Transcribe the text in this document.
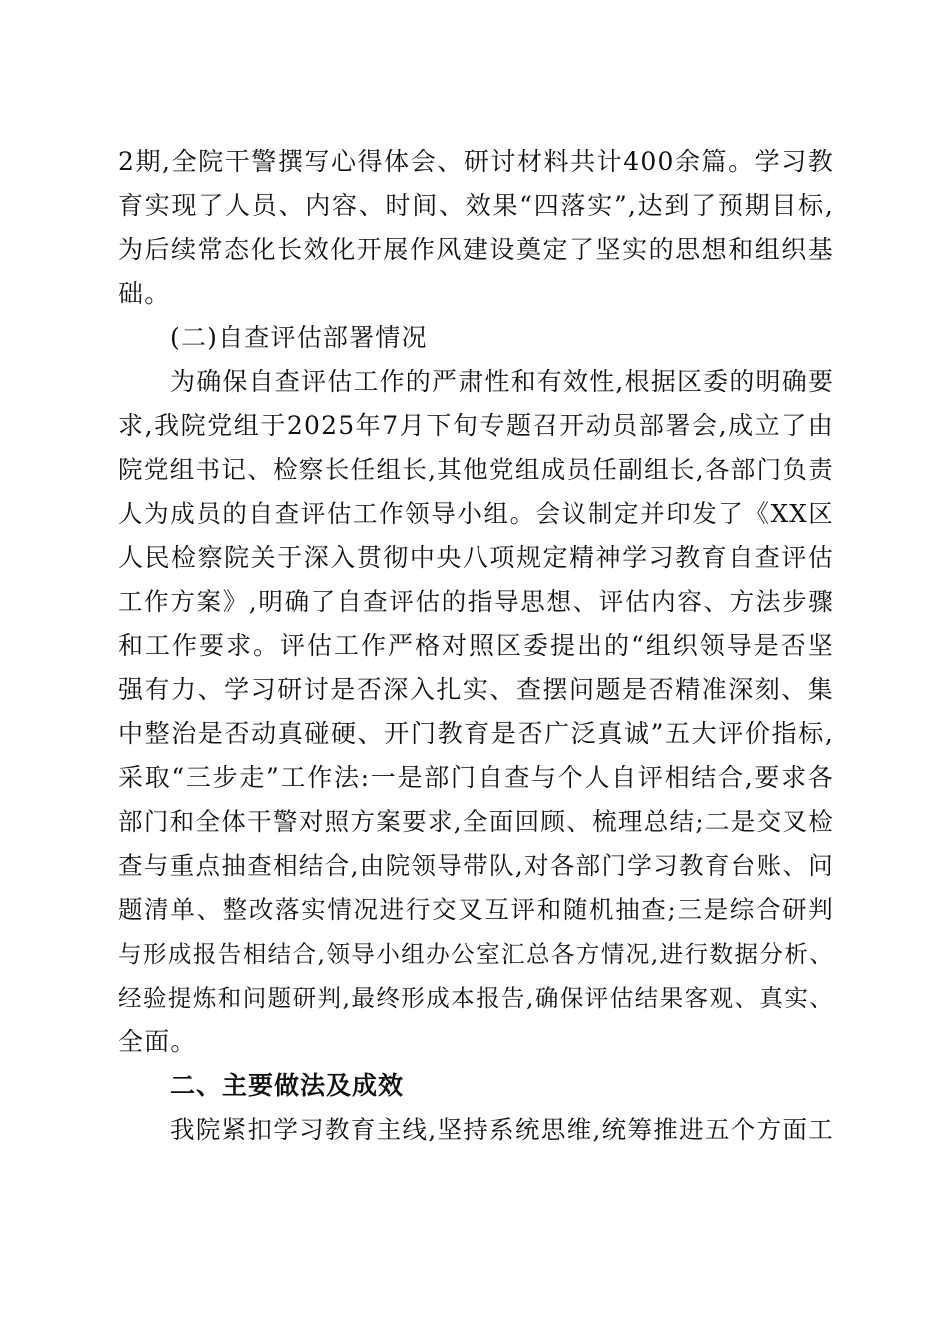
2期,全院干警撰写心得体会、研讨材料共计400余篇。学习教
育实现了人员、内容、时间、效果“四落实”,达到了预期目标,
为后续常态化长效化开展作风建设奠定了坚实的思想和组织基
础。
(二)自查评估部署情况
为确保自查评估工作的严肃性和有效性,根据区委的明确要
求,我院党组于2025年7月下旬专题召开动员部署会,成立了由
院党组书记、检察长任组长,其他党组成员任副组长,各部门负责
人为成员的自查评估工作领导小组。会议制定并印发了《XX区
人民检察院关于深入贯彻中央八项规定精神学习教育自查评估
工作方案》,明确了自查评估的指导思想、评估内容、方法步骤
和工作要求。评估工作严格对照区委提出的“组织领导是否坚
强有力、学习研讨是否深入扎实、查摆问题是否精准深刻、集
中整治是否动真碰硬、开门教育是否广泛真诚”五大评价指标,
采取“三步走”工作法:一是部门自查与个人自评相结合,要求各
部门和全体干警对照方案要求,全面回顾、梳理总结;二是交叉检
查与重点抽查相结合,由院领导带队,对各部门学习教育台账、问
题清单、整改落实情况进行交叉互评和随机抽查;三是综合研判
与形成报告相结合,领导小组办公室汇总各方情况,进行数据分析、
经验提炼和问题研判,最终形成本报告,确保评估结果客观、真实、
全面。
二、主要做法及成效
我院紧扣学习教育主线,坚持系统思维,统筹推进五个方面工
